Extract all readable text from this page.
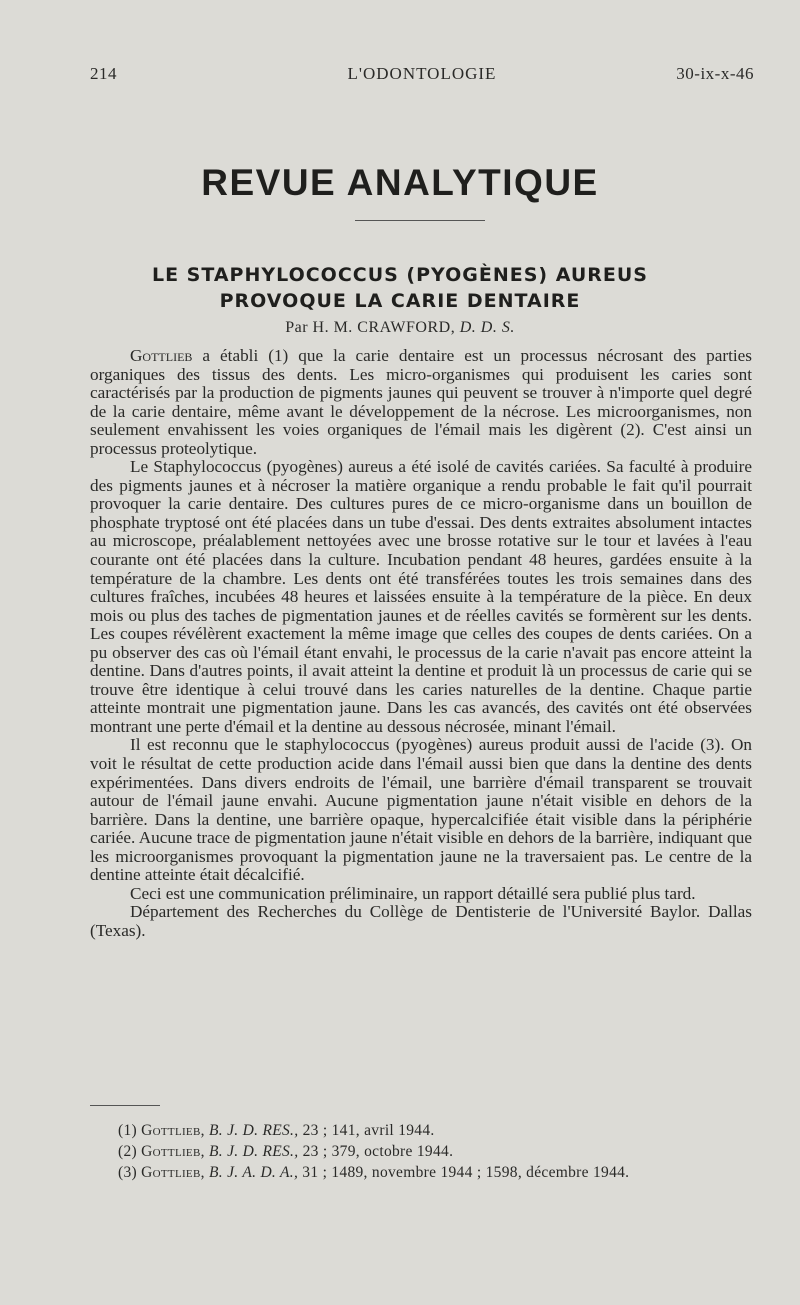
214	L'ODONTOLOGIE	30-ix-x-46
REVUE ANALYTIQUE
LE STAPHYLOCOCCUS (PYOGÈNES) AUREUS
PROVOQUE LA CARIE DENTAIRE
Par H. M. CRAWFORD, D. D. S.

Gottlieb a établi (1) que la carie dentaire est un processus nécrosant des parties organiques des tissus des dents. Les micro-organismes qui produisent les caries sont caractérisés par la production de pigments jaunes qui peuvent se trouver à n'importe quel degré de la carie dentaire, même avant le développement de la nécrose. Les microorganismes, non seulement envahissent les voies organiques de l'émail mais les digèrent (2). C'est ainsi un processus proteolytique.

Le Staphylococcus (pyogènes) aureus a été isolé de cavités cariées. Sa faculté à produire des pigments jaunes et à nécroser la matière organique a rendu probable le fait qu'il pourrait provoquer la carie dentaire. Des cultures pures de ce micro-organisme dans un bouillon de phosphate tryptosé ont été placées dans un tube d'essai. Des dents extraites absolument intactes au microscope, préalablement nettoyées avec une brosse rotative sur le tour et lavées à l'eau courante ont été placées dans la culture. Incubation pendant 48 heures, gardées ensuite à la température de la chambre. Les dents ont été transférées toutes les trois semaines dans des cultures fraîches, incubées 48 heures et laissées ensuite à la température de la pièce. En deux mois ou plus des taches de pigmentation jaunes et de réelles cavités se formèrent sur les dents. Les coupes révélèrent exactement la même image que celles des coupes de dents cariées. On a pu observer des cas où l'émail étant envahi, le processus de la carie n'avait pas encore atteint la dentine. Dans d'autres points, il avait atteint la dentine et produit là un processus de carie qui se trouve être identique à celui trouvé dans les caries naturelles de la dentine. Chaque partie atteinte montrait une pigmentation jaune. Dans les cas avancés, des cavités ont été observées montrant une perte d'émail et la dentine au dessous nécrosée, minant l'émail.

Il est reconnu que le staphylococcus (pyogènes) aureus produit aussi de l'acide (3). On voit le résultat de cette production acide dans l'émail aussi bien que dans la dentine des dents expérimentées. Dans divers endroits de l'émail, une barrière d'émail transparent se trouvait autour de l'émail jaune envahi. Aucune pigmentation jaune n'était visible en dehors de la barrière. Dans la dentine, une barrière opaque, hypercalcifiée était visible dans la périphérie cariée. Aucune trace de pigmentation jaune n'était visible en dehors de la barrière, indiquant que les microorganismes provoquant la pigmentation jaune ne la traversaient pas. Le centre de la dentine atteinte était décalcifié.

Ceci est une communication préliminaire, un rapport détaillé sera publié plus tard.

Département des Recherches du Collège de Dentisterie de l'Université Baylor. Dallas (Texas).

(1) Gottlieb, B. J. D. RES., 23 ; 141, avril 1944.
(2) Gottlieb, B. J. D. RES., 23 ; 379, octobre 1944.
(3) Gottlieb, B. J. A. D. A., 31 ; 1489, novembre 1944 ; 1598, décembre 1944.
